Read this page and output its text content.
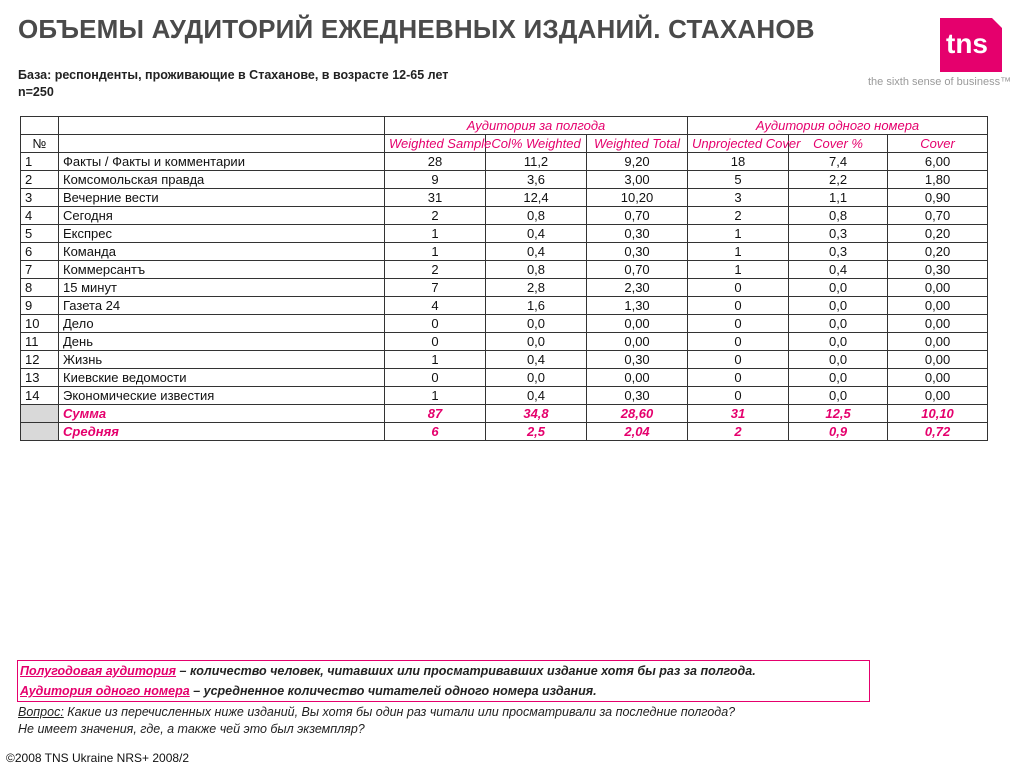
ОБЪЕМЫ АУДИТОРИЙ ЕЖЕДНЕВНЫХ ИЗДАНИЙ. СТАХАНОВ	tns
the sixth sense of business™
База: респонденты, проживающие в Стаханове, в возрасте 12-65 лет
n=250
		Аудитория за полгода			Аудитория одного номера		
№		Weighted Sample	Col% Weighted	Weighted Total	Unprojected Cover	Cover %	Cover
1	Факты / Факты и комментарии	28	11,2	9,20	18	7,4	6,00
2	Комсомольская правда	9	3,6	3,00	5	2,2	1,80
3	Вечерние вести	31	12,4	10,20	3	1,1	0,90
4	Сегодня	2	0,8	0,70	2	0,8	0,70
5	Експрес	1	0,4	0,30	1	0,3	0,20
6	Команда	1	0,4	0,30	1	0,3	0,20
7	Коммерсантъ	2	0,8	0,70	1	0,4	0,30
8	15 минут	7	2,8	2,30	0	0,0	0,00
9	Газета 24	4	1,6	1,30	0	0,0	0,00
10	Дело	0	0,0	0,00	0	0,0	0,00
11	День	0	0,0	0,00	0	0,0	0,00
12	Жизнь	1	0,4	0,30	0	0,0	0,00
13	Киевские ведомости	0	0,0	0,00	0	0,0	0,00
14	Экономические известия	1	0,4	0,30	0	0,0	0,00
	Сумма	87	34,8	28,60	31	12,5	10,10
	Средняя	6	2,5	2,04	2	0,9	0,72
Полугодовая аудитория – количество человек, читавших или просматривавших издание хотя бы раз за полгода.
Аудитория одного номера – усредненное количество читателей одного номера издания.
Вопрос: Какие из перечисленных ниже изданий, Вы хотя бы один раз читали или просматривали за последние полгода?
Не имеет значения, где, а также чей это был экземпляр?
©2008 TNS Ukraine NRS+ 2008/2
